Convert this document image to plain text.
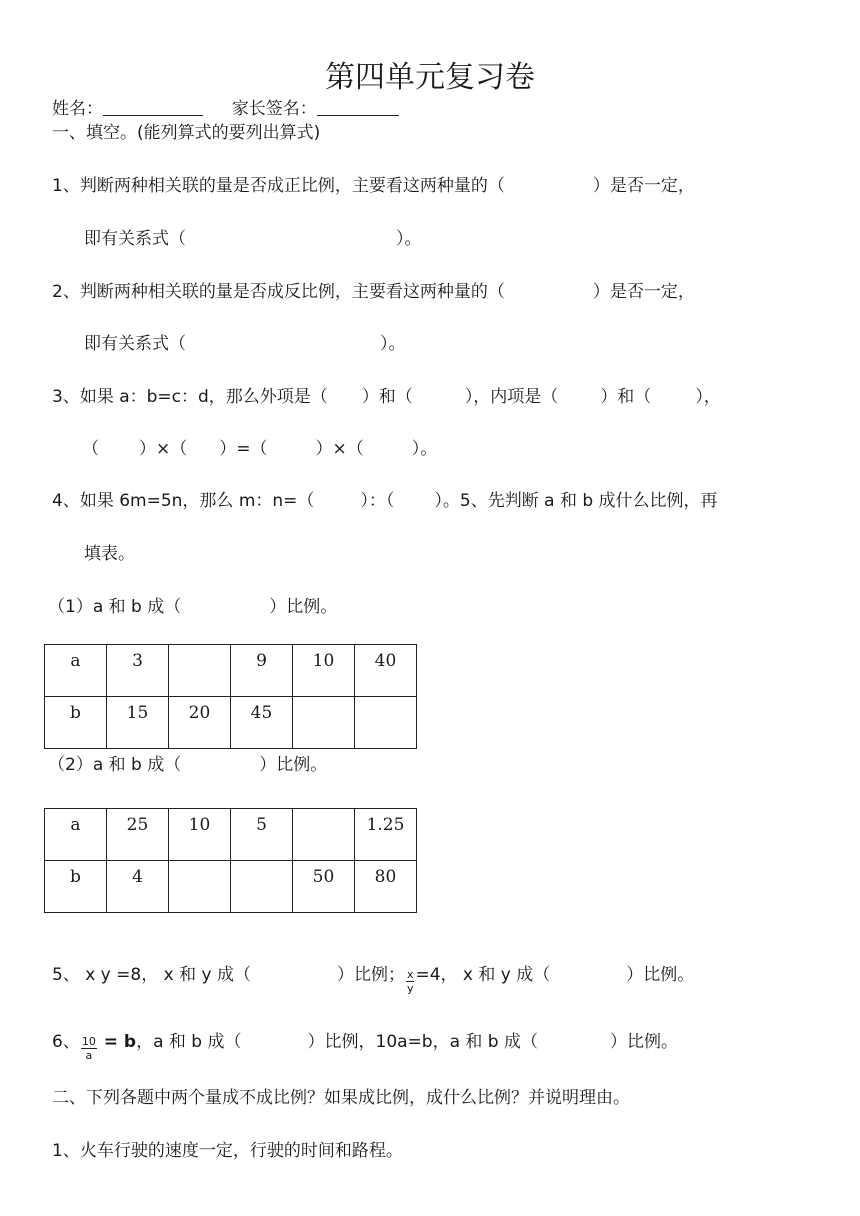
第四单元复习卷
姓名：	家长签名：
一、填空。(能列算式的要列出算式)
1、判断两种相关联的量是否成正比例，主要看这两种量的（	）是否一定，
即有关系式（	）。
2、判断两种相关联的量是否成反比例，主要看这两种量的（	）是否一定，
即有关系式（	）。
3、如果 a：b=c：d，那么外项是（ ）和（	），内项是（ ）和（	），
（ ）×（ ）=（	）×（	）。
4、如果 6m=5n，那么 m：n=（	）：（ ）。5、先判断 a 和 b 成什么比例，再
填表。
（1）a 和 b 成（	）比例。
a	3		9	10	40
b	15	20	45		
（2）a 和 b 成（	）比例。
a	25	10	5		1.25
b	4			50	80
5、 x y =8， x 和 y 成（	）比例； $\frac{x}{y} =4$， x 和 y 成（	）比例。
6、 $\frac{10}{a} = b$，a 和 b 成（	）比例，10a=b，a 和 b 成（	）比例。
二、下列各题中两个量成不成比例？如果成比例，成什么比例？并说明理由。
1、火车行驶的速度一定，行驶的时间和路程。
